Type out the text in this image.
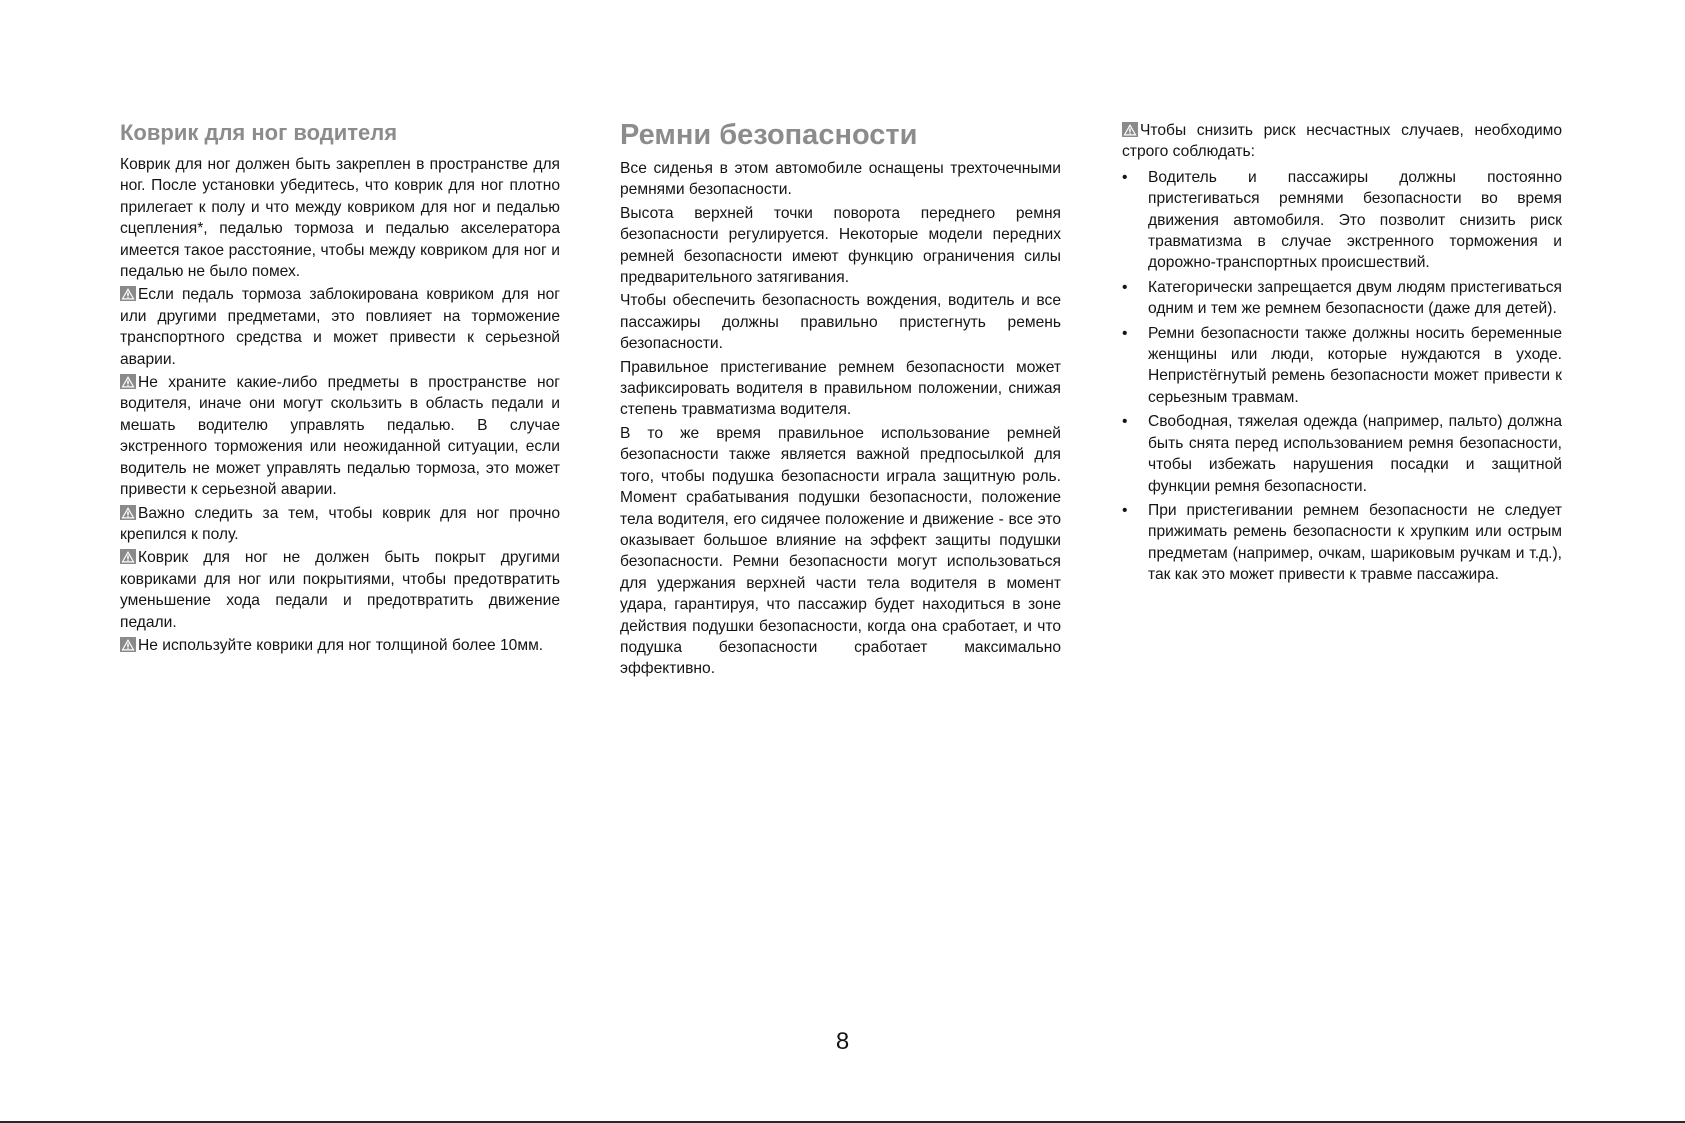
Коврик для ног водителя

Коврик для ног должен быть закреплен в пространстве для ног. После установки убедитесь, что коврик для ног плотно прилегает к полу и что между ковриком для ног и педалью сцепления*, педалью тормоза и педалью акселератора имеется такое расстояние, чтобы между ковриком для ног и педалью не было помех.

Если педаль тормоза заблокирована ковриком для ног или другими предметами, это повлияет на торможение транспортного средства и может привести к серьезной аварии.

Не храните какие-либо предметы в пространстве ног водителя, иначе они могут скользить в область педали и мешать водителю управлять педалью. В случае экстренного торможения или неожиданной ситуации, если водитель не может управлять педалью тормоза, это может привести к серьезной аварии.

Важно следить за тем, чтобы коврик для ног прочно крепился к полу.

Коврик для ног не должен быть покрыт другими ковриками для ног или покрытиями, чтобы предотвратить уменьшение хода педали и предотвратить движение педали.

Не используйте коврики для ног толщиной более 10мм.

Ремни безопасности

Все сиденья в этом автомобиле оснащены трехточечными ремнями безопасности.

Высота верхней точки поворота переднего ремня безопасности регулируется. Некоторые модели передних ремней безопасности имеют функцию ограничения силы предварительного затягивания.

Чтобы обеспечить безопасность вождения, водитель и все пассажиры должны правильно пристегнуть ремень безопасности.

Правильное пристегивание ремнем безопасности может зафиксировать водителя в правильном положении, снижая степень травматизма водителя.

В то же время правильное использование ремней безопасности также является важной предпосылкой для того, чтобы подушка безопасности играла защитную роль. Момент срабатывания подушки безопасности, положение тела водителя, его сидячее положение и движение - все это оказывает большое влияние на эффект защиты подушки безопасности. Ремни безопасности могут использоваться для удержания верхней части тела водителя в момент удара, гарантируя, что пассажир будет находиться в зоне действия подушки безопасности, когда она сработает, и что подушка безопасности сработает максимально эффективно.

Чтобы снизить риск несчастных случаев, необходимо строго соблюдать:

• Водитель и пассажиры должны постоянно пристегиваться ремнями безопасности во время движения автомобиля. Это позволит снизить риск травматизма в случае экстренного торможения и дорожно-транспортных происшествий.
• Категорически запрещается двум людям пристегиваться одним и тем же ремнем безопасности (даже для детей).
• Ремни безопасности также должны носить беременные женщины или люди, которые нуждаются в уходе. Непристёгнутый ремень безопасности может привести к серьезным травмам.
• Свободная, тяжелая одежда (например, пальто) должна быть снята перед использованием ремня безопасности, чтобы избежать нарушения посадки и защитной функции ремня безопасности.
• При пристегивании ремнем безопасности не следует прижимать ремень безопасности к хрупким или острым предметам (например, очкам, шариковым ручкам и т.д.), так как это может привести к травме пассажира.
8
